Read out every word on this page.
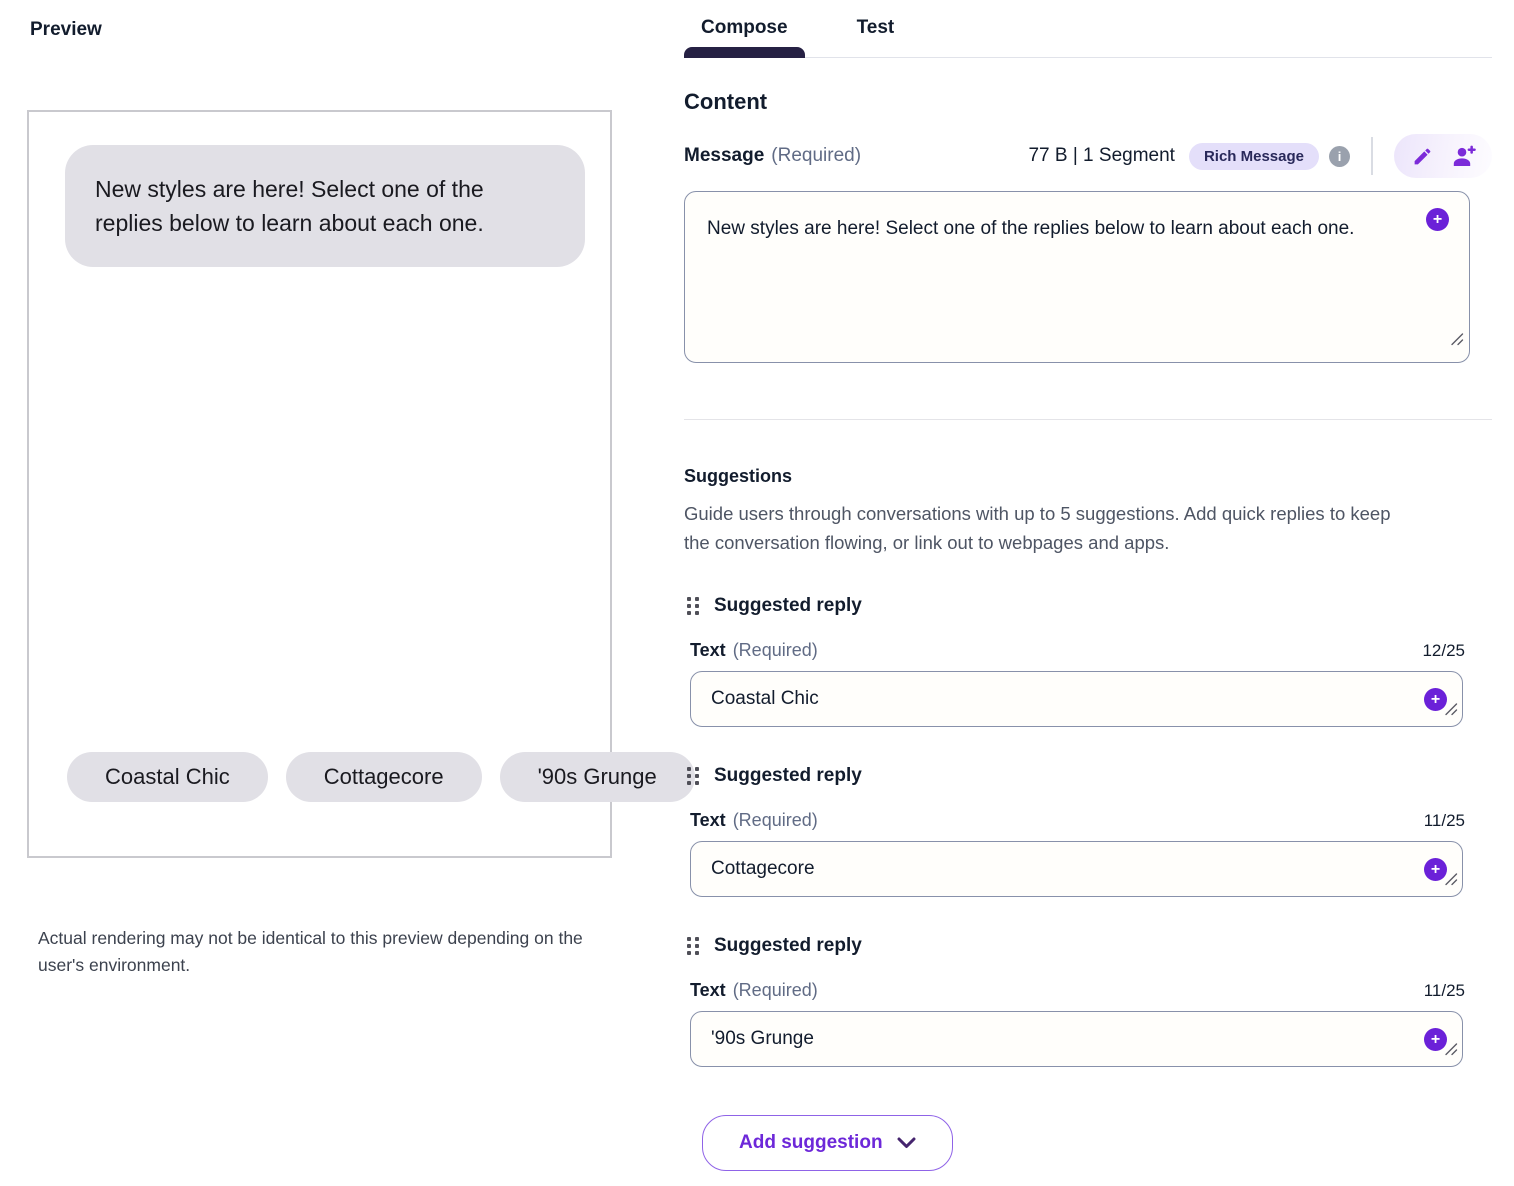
Preview
New styles are here! Select one of the replies below to learn about each one.
Coastal Chic	Cottagecore	'90s Grunge
Actual rendering may not be identical to this preview depending on the user's environment.
Compose	Test
Content
Message (Required)	77 B | 1 Segment	Rich Message	i
New styles are here! Select one of the replies below to learn about each one.	+
Suggestions
Guide users through conversations with up to 5 suggestions. Add quick replies to keep the conversation flowing, or link out to webpages and apps.
Suggested reply
Text (Required)	12/25
Coastal Chic	+
Suggested reply
Text (Required)	11/25
Cottagecore	+
Suggested reply
Text (Required)	11/25
'90s Grunge	+
Add suggestion
